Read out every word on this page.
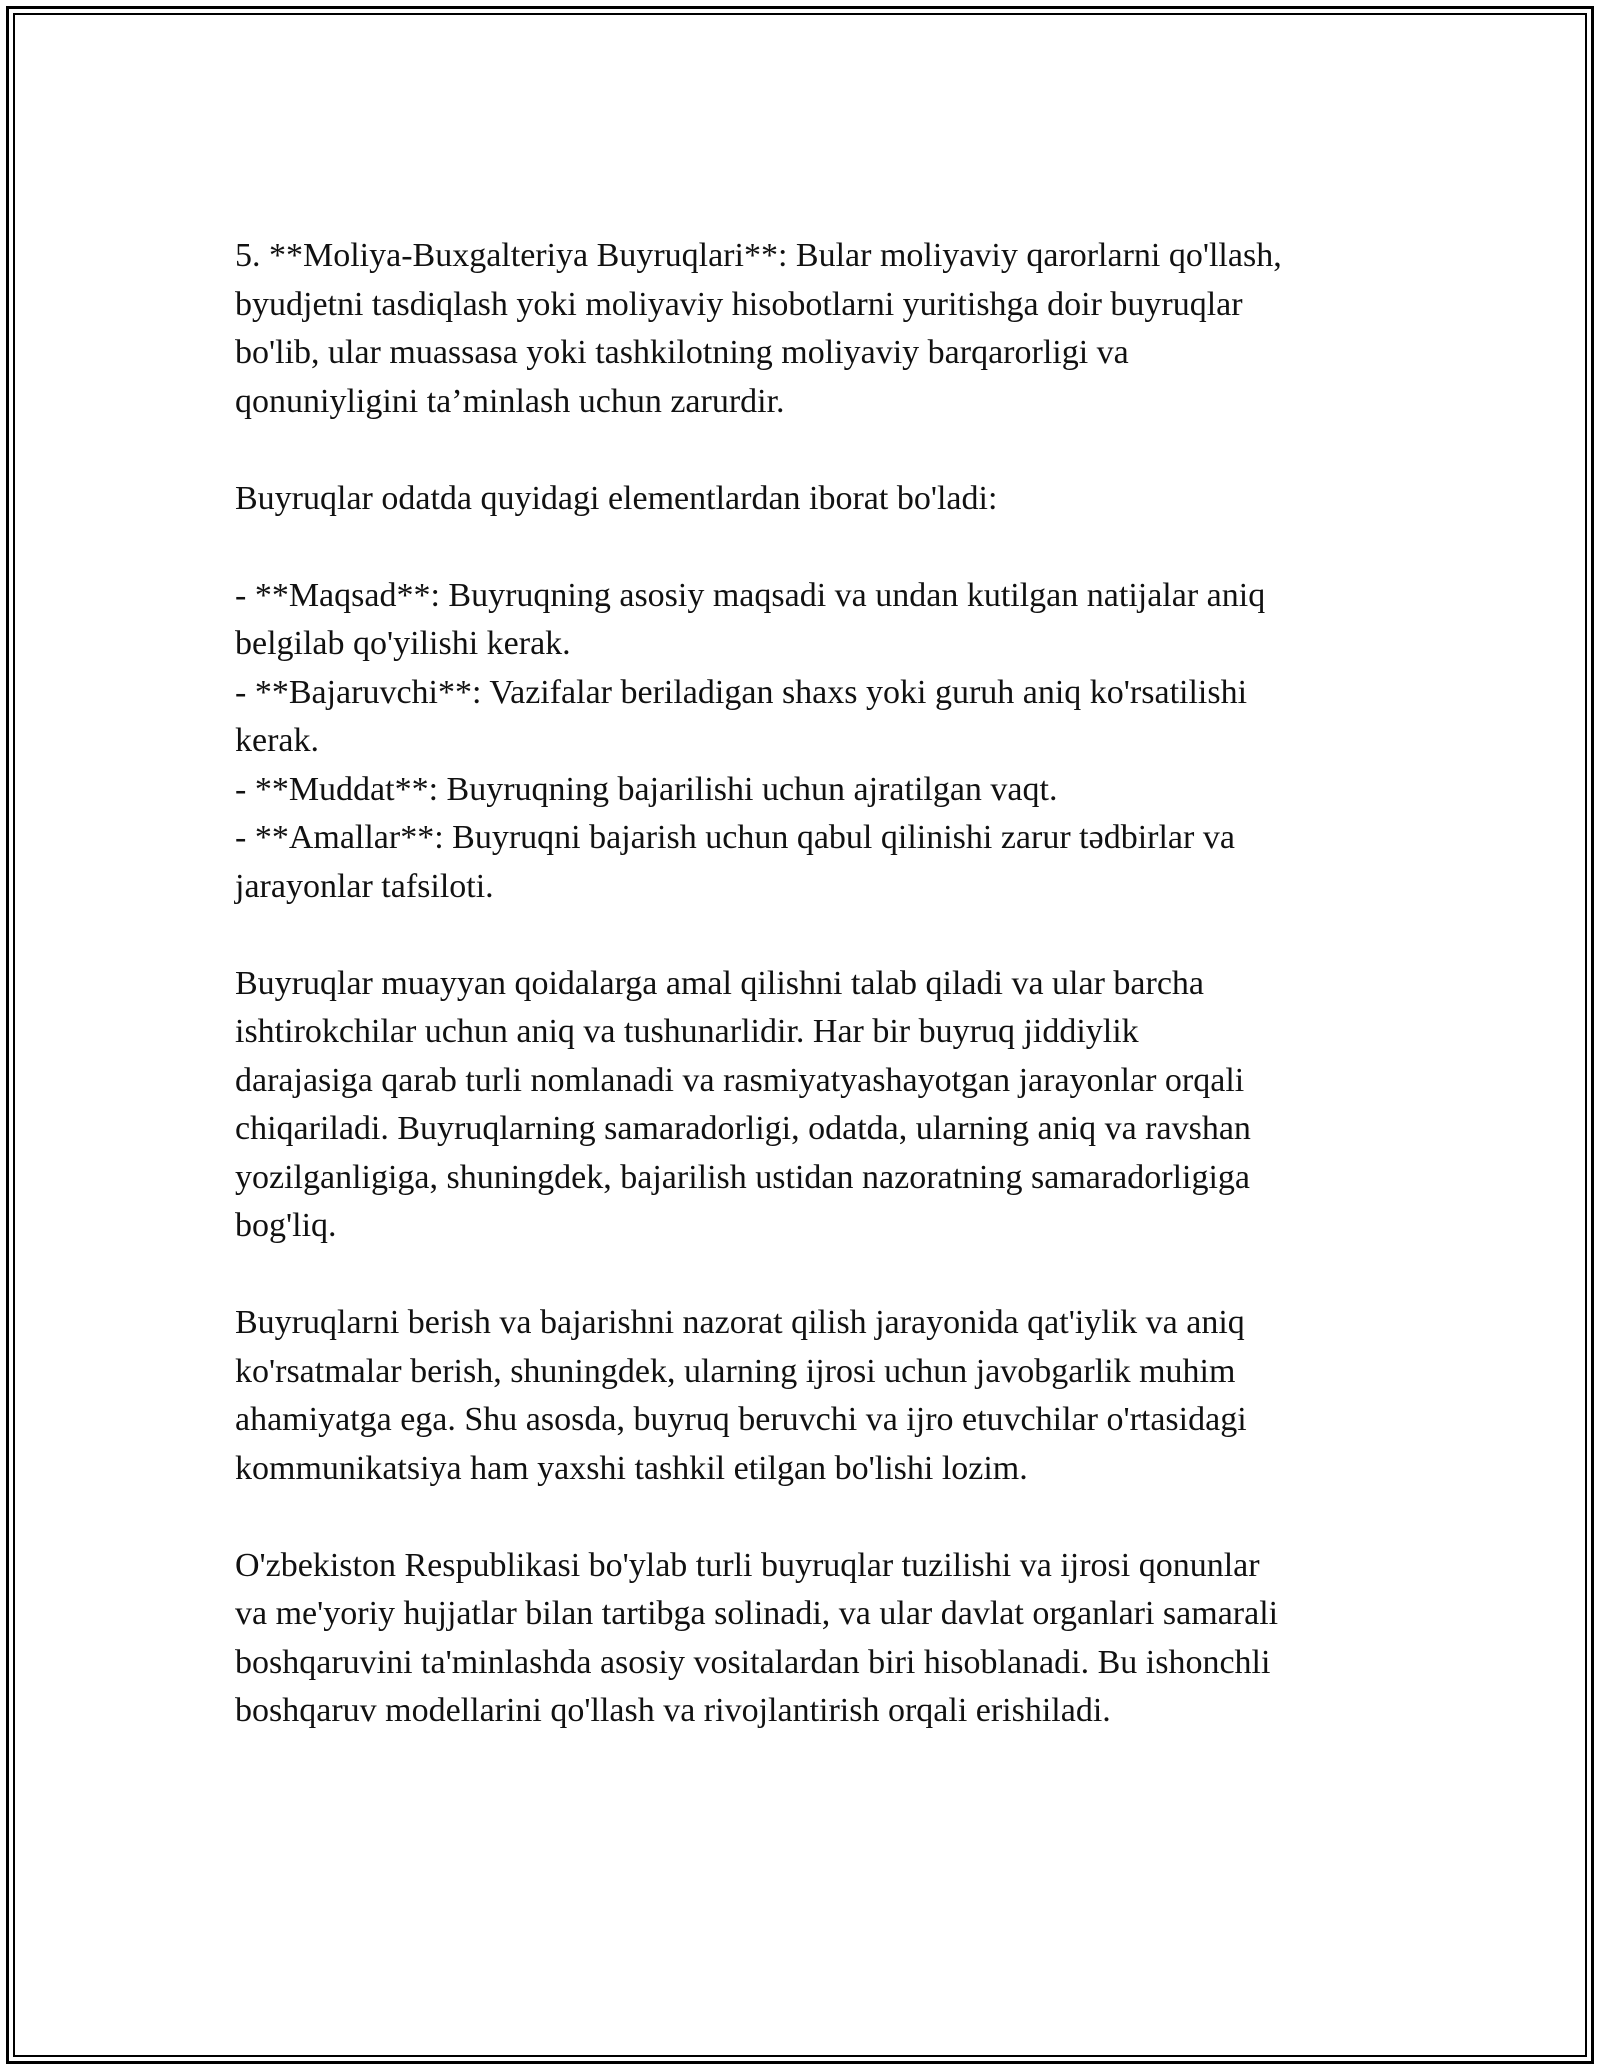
5. **Moliya-Buxgalteriya Buyruqlari**: Bular moliyaviy qarorlarni qo'llash,

byudjetni tasdiqlash yoki moliyaviy hisobotlarni yuritishga doir buyruqlar

bo'lib, ular muassasa yoki tashkilotning moliyaviy barqarorligi va

qonuniyligini ta’minlash uchun zarurdir.

Buyruqlar odatda quyidagi elementlardan iborat bo'ladi:

- **Maqsad**: Buyruqning asosiy maqsadi va undan kutilgan natijalar aniq

belgilab qo'yilishi kerak.

- **Bajaruvchi**: Vazifalar beriladigan shaxs yoki guruh aniq ko'rsatilishi

kerak.

- **Muddat**: Buyruqning bajarilishi uchun ajratilgan vaqt.

- **Amallar**: Buyruqni bajarish uchun qabul qilinishi zarur tədbirlar va

jarayonlar tafsiloti.

Buyruqlar muayyan qoidalarga amal qilishni talab qiladi va ular barcha

ishtirokchilar uchun aniq va tushunarlidir. Har bir buyruq jiddiylik

darajasiga qarab turli nomlanadi va rasmiyatyashayotgan jarayonlar orqali

chiqariladi. Buyruqlarning samaradorligi, odatda, ularning aniq va ravshan

yozilganligiga, shuningdek, bajarilish ustidan nazoratning samaradorligiga

bog'liq.

Buyruqlarni berish va bajarishni nazorat qilish jarayonida qat'iylik va aniq

ko'rsatmalar berish, shuningdek, ularning ijrosi uchun javobgarlik muhim

ahamiyatga ega. Shu asosda, buyruq beruvchi va ijro etuvchilar o'rtasidagi

kommunikatsiya ham yaxshi tashkil etilgan bo'lishi lozim.

O'zbekiston Respublikasi bo'ylab turli buyruqlar tuzilishi va ijrosi qonunlar

va me'yoriy hujjatlar bilan tartibga solinadi, va ular davlat organlari samarali

boshqaruvini ta'minlashda asosiy vositalardan biri hisoblanadi. Bu ishonchli

boshqaruv modellarini qo'llash va rivojlantirish orqali erishiladi.
